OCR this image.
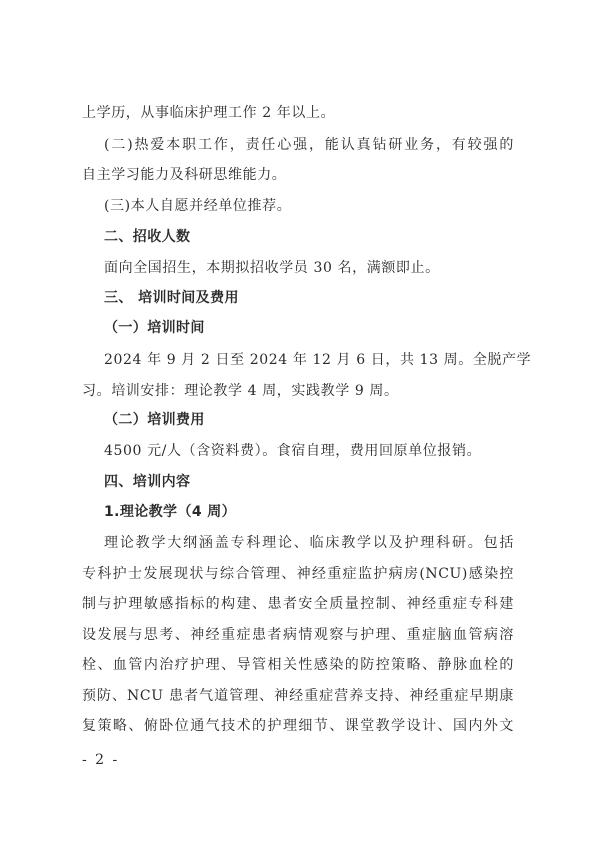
上学历，从事临床护理工作 2 年以上。
(二)热爱本职工作，责任心强，能认真钻研业务，有较强的
自主学习能力及科研思维能力。
(三)本人自愿并经单位推荐。
二、招收人数
面向全国招生，本期拟招收学员 30 名，满额即止。
三、 培训时间及费用
（一）培训时间
2024 年 9 月 2 日至 2024 年 12 月 6 日，共 13 周。全脱产学
习。培训安排：理论教学 4 周，实践教学 9 周。
（二）培训费用
4500 元/人（含资料费）。食宿自理，费用回原单位报销。
四、培训内容
1.理论教学（4 周）
理论教学大纲涵盖专科理论、临床教学以及护理科研。包括
专科护士发展现状与综合管理、神经重症监护病房(NCU)感染控
制与护理敏感指标的构建、患者安全质量控制、神经重症专科建
设发展与思考、神经重症患者病情观察与护理、重症脑血管病溶
栓、血管内治疗护理、导管相关性感染的防控策略、静脉血栓的
预防、NCU 患者气道管理、神经重症营养支持、神经重症早期康
复策略、俯卧位通气技术的护理细节、课堂教学设计、国内外文
- 2 -
